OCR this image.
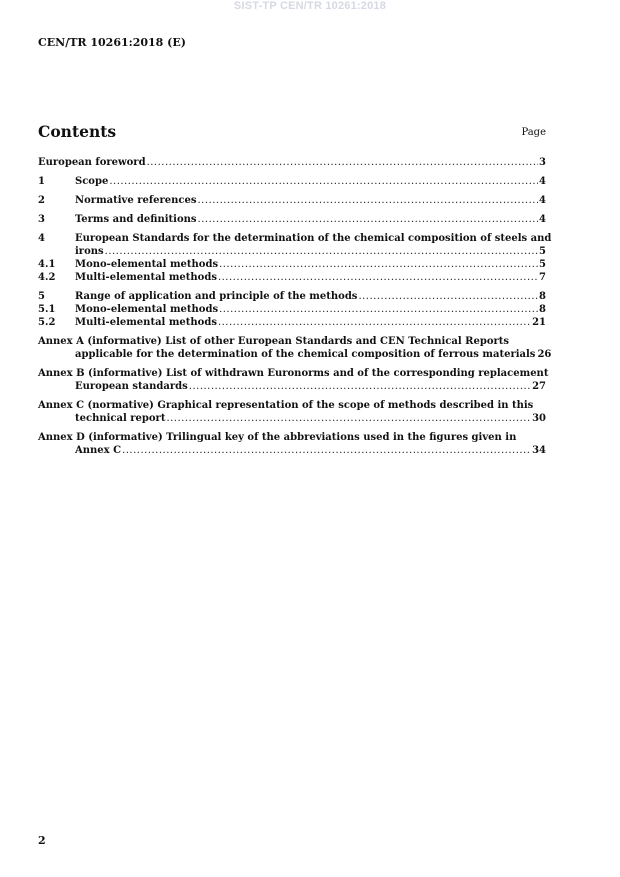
SIST-TP CEN/TR 10261:2018
CEN/TR 10261:2018 (E)
Contents	Page
European foreword .....	3
1	Scope .....	4
2	Normative references .....	4
3	Terms and definitions .....	4
4	European Standards for the determination of the chemical composition of steels and
irons .....	5
4.1	Mono-elemental methods .....	5
4.2	Multi-elemental methods .....	7
5	Range of application and principle of the methods .....	8
5.1	Mono-elemental methods .....	8
5.2	Multi-elemental methods .....	21
Annex A (informative) List of other European Standards and CEN Technical Reports
applicable for the determination of the chemical composition of ferrous materials 26
Annex B (informative) List of withdrawn Euronorms and of the corresponding replacement
European standards .....	27
Annex C (normative) Graphical representation of the scope of methods described in this
technical report .....	30
Annex D (informative) Trilingual key of the abbreviations used in the figures given in
Annex C .....	34
2
